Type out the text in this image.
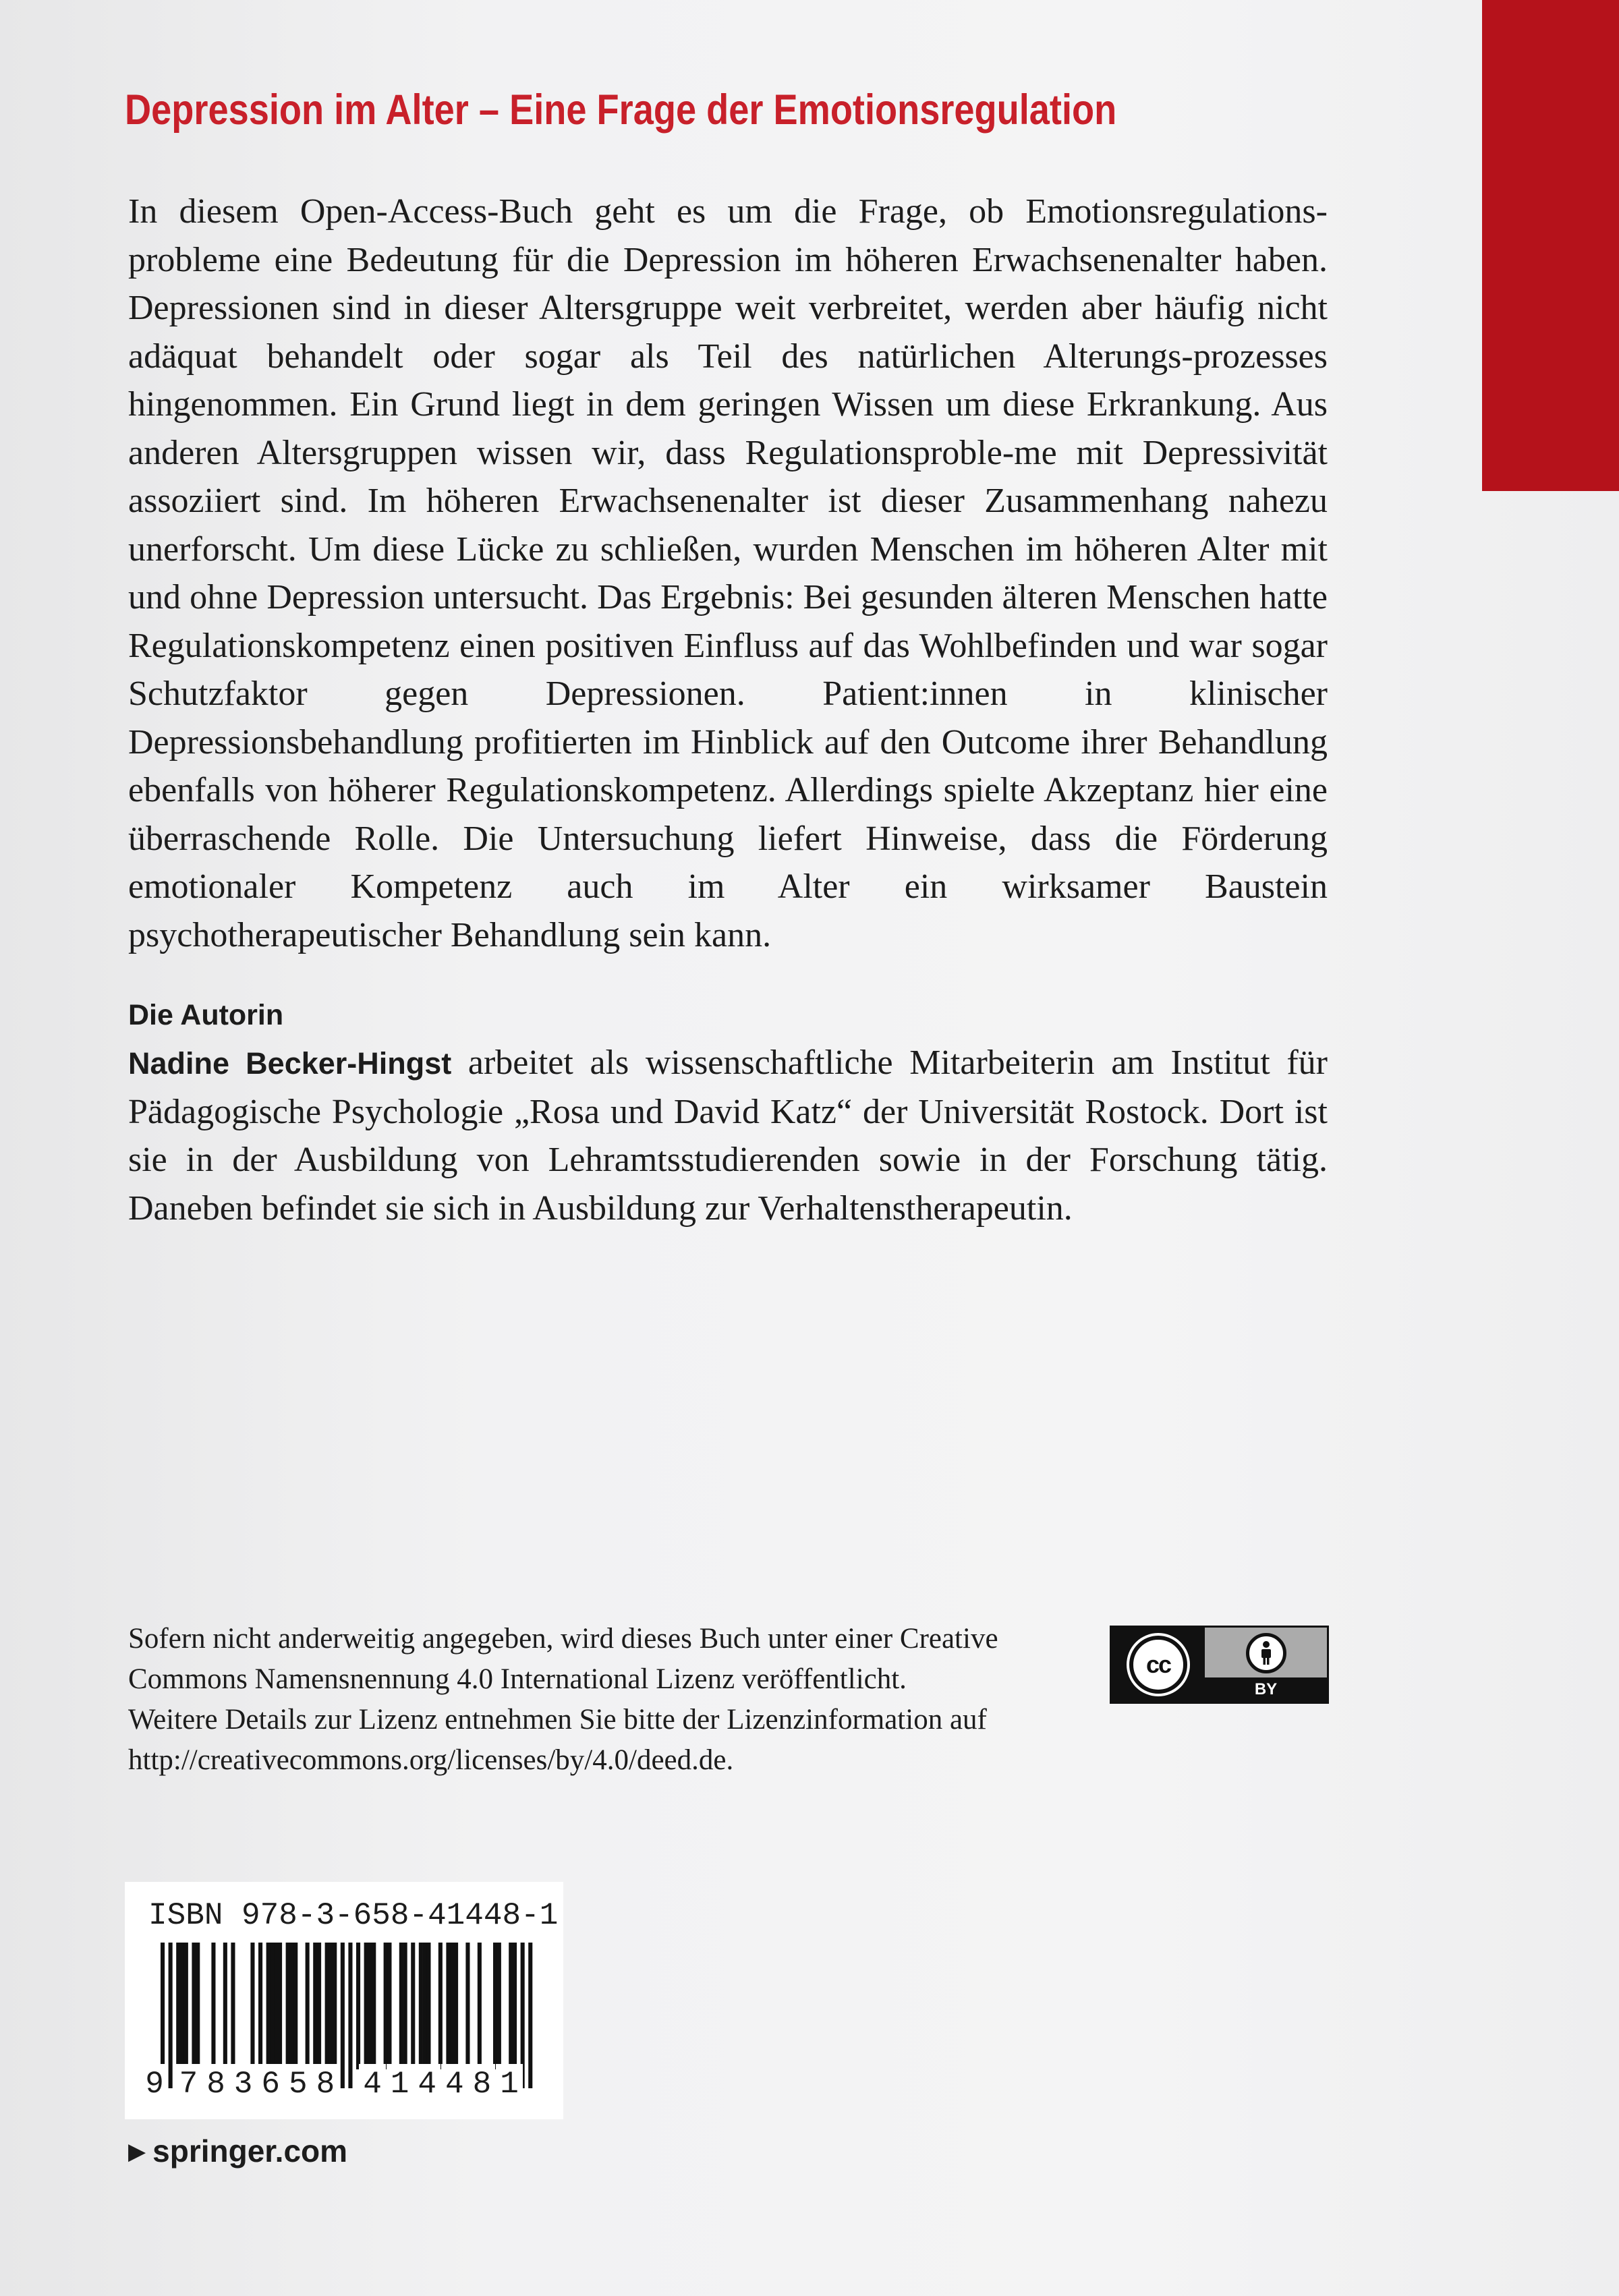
Depression im Alter – Eine Frage der Emotionsregulation

In diesem Open-Access-Buch geht es um die Frage, ob Emotionsregulations-probleme eine Bedeutung für die Depression im höheren Erwachsenenalter haben. Depressionen sind in dieser Altersgruppe weit verbreitet, werden aber häufig nicht adäquat behandelt oder sogar als Teil des natürlichen Alterungs-prozesses hingenommen. Ein Grund liegt in dem geringen Wissen um diese Erkrankung. Aus anderen Altersgruppen wissen wir, dass Regulationsproble-me mit Depressivität assoziiert sind. Im höheren Erwachsenenalter ist dieser Zusammenhang nahezu unerforscht. Um diese Lücke zu schließen, wurden Menschen im höheren Alter mit und ohne Depression untersucht. Das Ergebnis: Bei gesunden älteren Menschen hatte Regulationskompetenz einen positiven Einfluss auf das Wohlbefinden und war sogar Schutzfaktor gegen Depressionen. Patient:innen in klinischer Depressionsbehandlung profitierten im Hinblick auf den Outcome ihrer Behandlung ebenfalls von höherer Regulationskompetenz. Allerdings spielte Akzeptanz hier eine überraschende Rolle. Die Untersuchung liefert Hinweise, dass die Förderung emotionaler Kompetenz auch im Alter ein wirksamer Baustein psychotherapeutischer Behandlung sein kann.

Die Autorin

Nadine Becker-Hingst arbeitet als wissenschaftliche Mitarbeiterin am Institut für Pädagogische Psychologie „Rosa und David Katz“ der Universität Rostock. Dort ist sie in der Ausbildung von Lehramtsstudierenden sowie in der Forschung tätig. Daneben befindet sie sich in Ausbildung zur Verhaltenstherapeutin.

Sofern nicht anderweitig angegeben, wird dieses Buch unter einer Creative
Commons Namensnennung 4.0 International Lizenz veröffentlicht.
Weitere Details zur Lizenz entnehmen Sie bitte der Lizenzinformation auf
http://creativecommons.org/licenses/by/4.0/deed.de.

cc
BY
ISBN 978-3-658-41448-1
9 7 8 3 6 5 8 4 1 4 4 8 1

▶ springer.com
